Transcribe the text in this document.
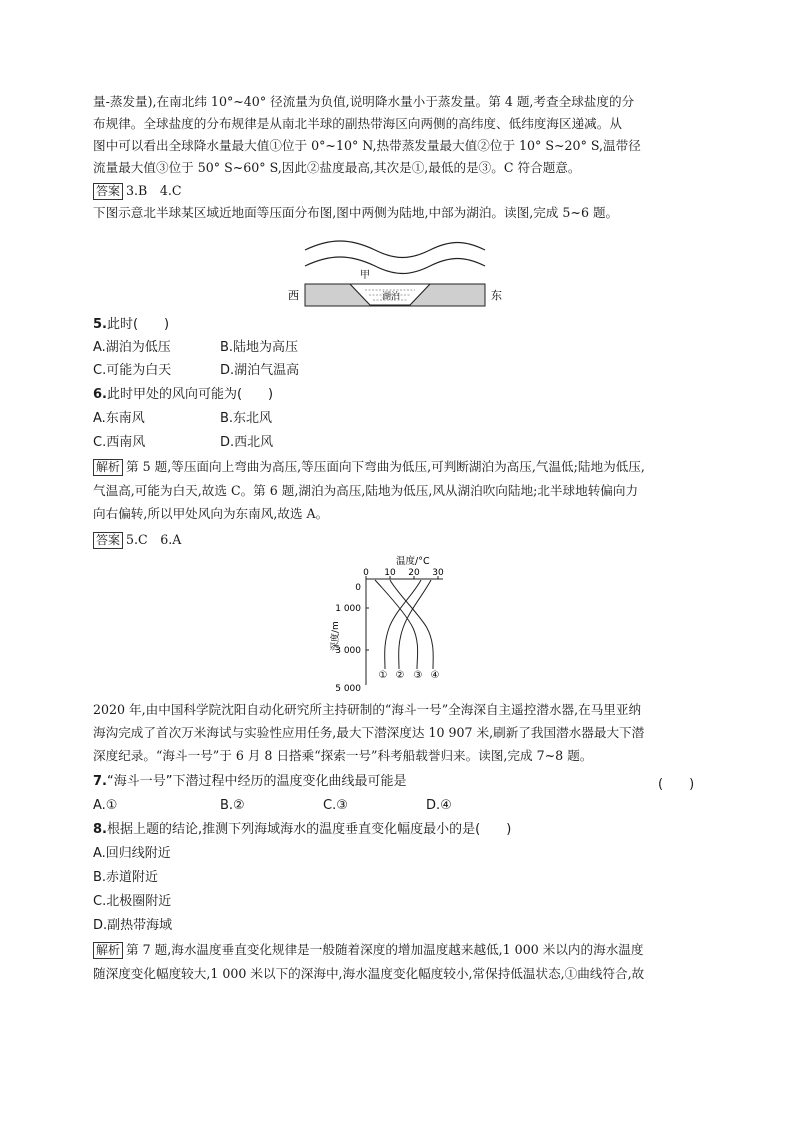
量-蒸发量),在南北纬 10°~40° 径流量为负值,说明降水量小于蒸发量。第 4 题,考查全球盐度的分
布规律。全球盐度的分布规律是从南北半球的副热带海区向两侧的高纬度、低纬度海区递减。从
图中可以看出全球降水量最大值①位于 0°~10° N,热带蒸发量最大值②位于 10° S~20° S,温带径
流量最大值③位于 50° S~60° S,因此②盐度最高,其次是①,最低的是③。C 符合题意。
答案 3.B　4.C
下图示意北半球某区域近地面等压面分布图,图中两侧为陆地,中部为湖泊。读图,完成 5~6 题。
甲
湖泊
西	东
5.此时(　　)
A.湖泊为低压	B.陆地为高压
C.可能为白天	D.湖泊气温高
6.此时甲处的风向可能为(　　)
A.东南风	B.东北风
C.西南风	D.西北风
解析 第 5 题,等压面向上弯曲为高压,等压面向下弯曲为低压,可判断湖泊为高压,气温低;陆地为低压,
气温高,可能为白天,故选 C。第 6 题,湖泊为高压,陆地为低压,风从湖泊吹向陆地;北半球地转偏向力
向右偏转,所以甲处风向为东南风,故选 A。
答案 5.C　6.A
温度/°C
0 10 20 30
0
1 000
3 000
5 000
深度/m
① ② ③ ④
2020 年,由中国科学院沈阳自动化研究所主持研制的“海斗一号”全海深自主遥控潜水器,在马里亚纳
海沟完成了首次万米海试与实验性应用任务,最大下潜深度达 10 907 米,刷新了我国潜水器最大下潜
深度纪录。“海斗一号”于 6 月 8 日搭乘“探索一号”科考船载誉归来。读图,完成 7~8 题。
7.“海斗一号”下潜过程中经历的温度变化曲线最可能是	(　　)
A.①	B.②	C.③	D.④
8.根据上题的结论,推测下列海域海水的温度垂直变化幅度最小的是(　　)
A.回归线附近
B.赤道附近
C.北极圈附近
D.副热带海域
解析 第 7 题,海水温度垂直变化规律是一般随着深度的增加温度越来越低,1 000 米以内的海水温度
随深度变化幅度较大,1 000 米以下的深海中,海水温度变化幅度较小,常保持低温状态,①曲线符合,故
